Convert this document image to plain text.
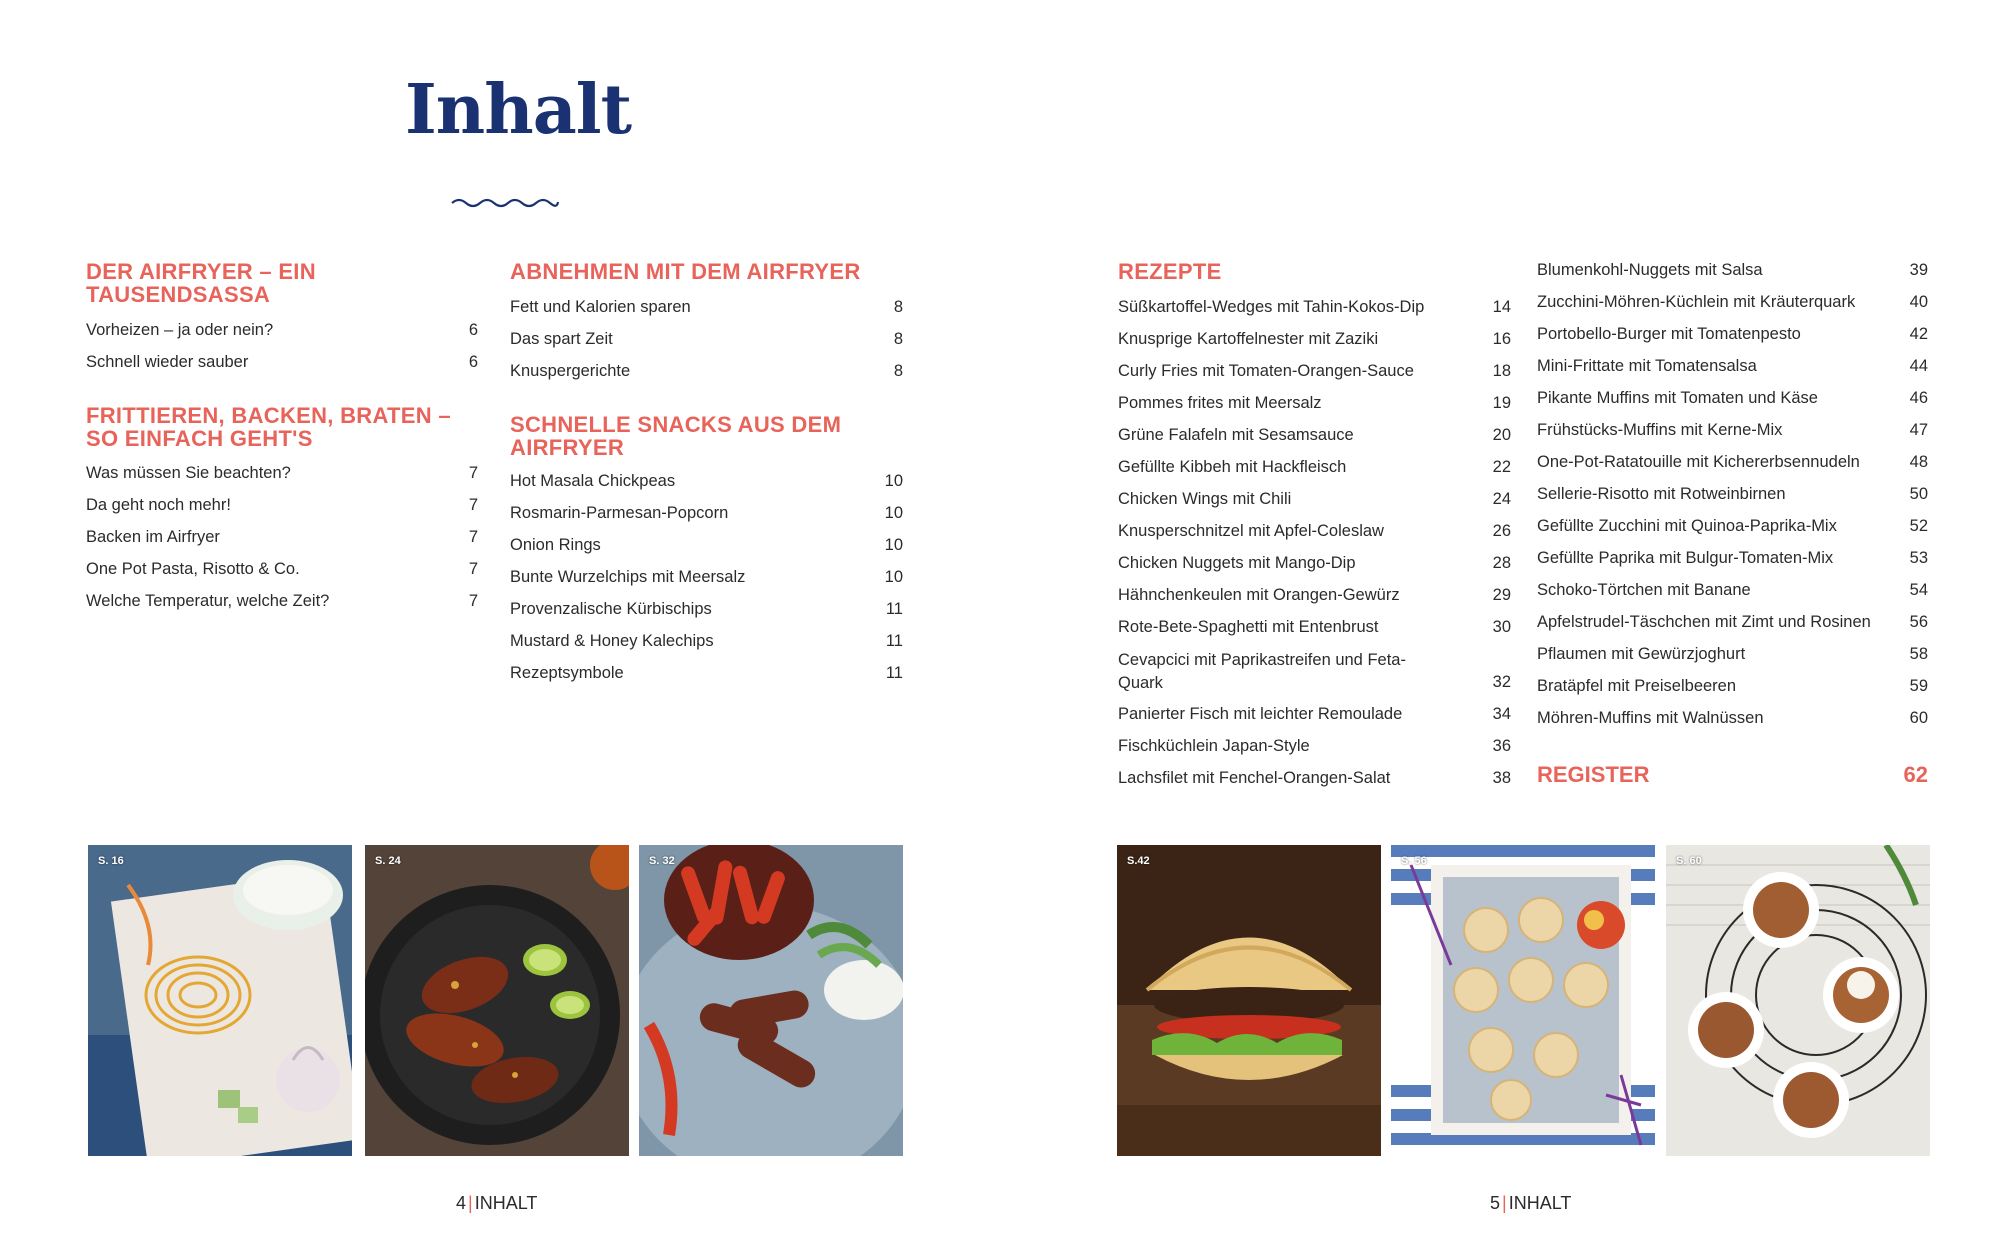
Inhalt
DER AIRFRYER – EIN TAUSENDSASSA
Vorheizen – ja oder nein?	6
Schnell wieder sauber	6
FRITTIEREN, BACKEN, BRATEN – SO EINFACH GEHT'S
Was müssen Sie beachten?	7
Da geht noch mehr!	7
Backen im Airfryer	7
One Pot Pasta, Risotto & Co.	7
Welche Temperatur, welche Zeit?	7
ABNEHMEN MIT DEM AIRFRYER
Fett und Kalorien sparen	8
Das spart Zeit	8
Knuspergerichte	8
SCHNELLE SNACKS AUS DEM AIRFRYER
Hot Masala Chickpeas	10
Rosmarin-Parmesan-Popcorn	10
Onion Rings	10
Bunte Wurzelchips mit Meersalz	10
Provenzalische Kürbischips	11
Mustard & Honey Kalechips	11
Rezeptsymbole	11
REZEPTE
Süßkartoffel-Wedges mit Tahin-Kokos-Dip	14
Knusprige Kartoffelnester mit Zaziki	16
Curly Fries mit Tomaten-Orangen-Sauce	18
Pommes frites mit Meersalz	19
Grüne Falafeln mit Sesamsauce	20
Gefüllte Kibbeh mit Hackfleisch	22
Chicken Wings mit Chili	24
Knusperschnitzel mit Apfel-Coleslaw	26
Chicken Nuggets mit Mango-Dip	28
Hähnchenkeulen mit Orangen-Gewürz	29
Rote-Bete-Spaghetti mit Entenbrust	30
Cevapcici mit Paprikastreifen und Feta-Quark	32
Panierter Fisch mit leichter Remoulade	34
Fischküchlein Japan-Style	36
Lachsfilet mit Fenchel-Orangen-Salat	38
Blumenkohl-Nuggets mit Salsa	39
Zucchini-Möhren-Küchlein mit Kräuterquark	40
Portobello-Burger mit Tomatenpesto	42
Mini-Frittate mit Tomatensalsa	44
Pikante Muffins mit Tomaten und Käse	46
Frühstücks-Muffins mit Kerne-Mix	47
One-Pot-Ratatouille mit Kichererbsennudeln	48
Sellerie-Risotto mit Rotweinbirnen	50
Gefüllte Zucchini mit Quinoa-Paprika-Mix	52
Gefüllte Paprika mit Bulgur-Tomaten-Mix	53
Schoko-Törtchen mit Banane	54
Apfelstrudel-Täschchen mit Zimt und Rosinen 56
Pflaumen mit Gewürzjoghurt	58
Bratäpfel mit Preiselbeeren	59
Möhren-Muffins mit Walnüssen	60
REGISTER	62
S. 16	S. 24	S. 32	S.42	S. 56	S. 60
4 | INHALT	5 | INHALT
